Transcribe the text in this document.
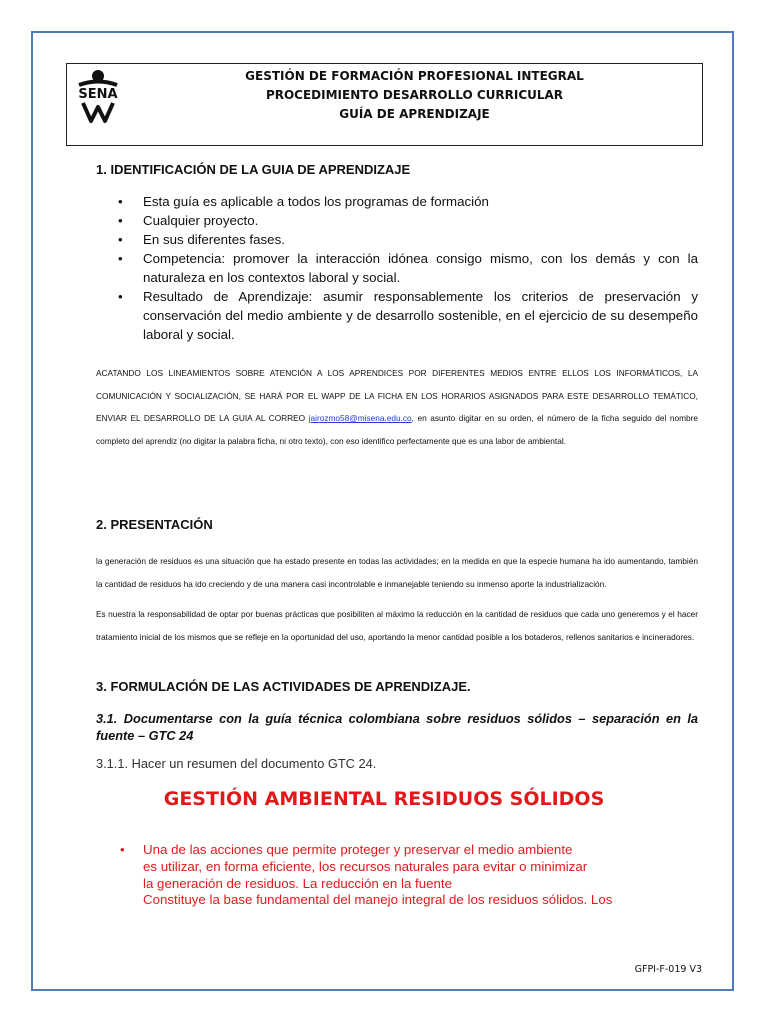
SENA
GESTIÓN DE FORMACIÓN PROFESIONAL INTEGRAL
PROCEDIMIENTO DESARROLLO CURRICULAR
GUÍA DE APRENDIZAJE
1. IDENTIFICACIÓN DE LA GUIA DE APRENDIZAJE
• Esta guía es aplicable a todos los programas de formación
• Cualquier proyecto.
• En sus diferentes fases.
• Competencia: promover la interacción idónea consigo mismo, con los demás y con la naturaleza en los contextos laboral y social.
• Resultado de Aprendizaje: asumir responsablemente los criterios de preservación y conservación del medio ambiente y de desarrollo sostenible, en el ejercicio de su desempeño laboral y social.
ACATANDO LOS LINEAMIENTOS SOBRE ATENCIÓN A LOS APRENDICES POR DIFERENTES MEDIOS ENTRE ELLOS LOS INFORMÁTICOS, LA COMUNICACIÓN Y SOCIALIZACIÓN, SE HARÁ POR EL WAPP DE LA FICHA EN LOS HORARIOS ASIGNADOS PARA ESTE DESARROLLO TEMÁTICO, ENVIAR EL DESARROLLO DE LA GUIA AL CORREO jairozmo58@misena.edu.co, en asunto digitar en su orden, el número de la ficha seguido del nombre completo del aprendiz (no digitar la palabra ficha, ni otro texto), con eso identifico perfectamente que es una labor de ambiental.
2. PRESENTACIÓN
la generación de residuos es una situación que ha estado presente en todas las actividades; en la medida en que la especie humana ha ido aumentando, también la cantidad de residuos ha ido creciendo y de una manera casi incontrolable e inmanejable teniendo su inmenso aporte la industrialización.
Es nuestra la responsabilidad de optar por buenas prácticas que posibiliten al máximo la reducción en la cantidad de residuos que cada uno generemos y el hacer tratamiento inicial de los mismos que se refleje en la oportunidad del uso, aportando la menor cantidad posible a los botaderos, rellenos sanitarios e incineradores.
3. FORMULACIÓN DE LAS ACTIVIDADES DE APRENDIZAJE.
3.1. Documentarse con la guía técnica colombiana sobre residuos sólidos – separación en la fuente – GTC 24
3.1.1. Hacer un resumen del documento GTC 24.
GESTIÓN AMBIENTAL RESIDUOS SÓLIDOS
• Una de las acciones que permite proteger y preservar el medio ambiente
es utilizar, en forma eficiente, los recursos naturales para evitar o minimizar
la generación de residuos. La reducción en la fuente
Constituye la base fundamental del manejo integral de los residuos sólidos. Los
GFPI-F-019 V3
